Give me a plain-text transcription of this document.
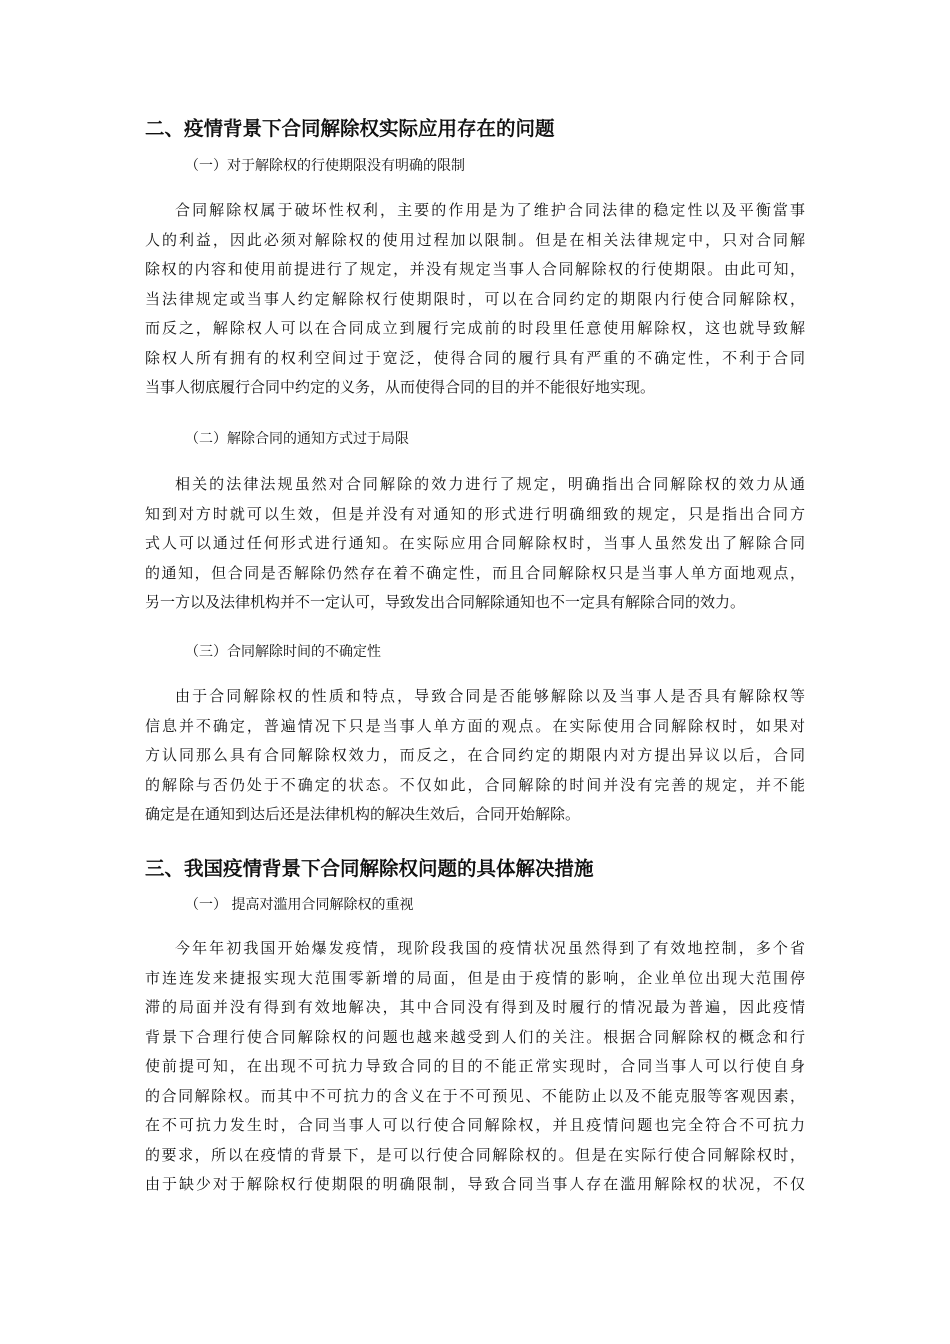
二、疫情背景下合同解除权实际应用存在的问题
（一）对于解除权的行使期限没有明确的限制
合同解除权属于破坏性权利，主要的作用是为了维护合同法律的稳定性以及平衡當事
人的利益，因此必须对解除权的使用过程加以限制。但是在相关法律规定中，只对合同解
除权的内容和使用前提进行了规定，并没有规定当事人合同解除权的行使期限。由此可知，
当法律规定或当事人约定解除权行使期限时，可以在合同约定的期限内行使合同解除权，
而反之，解除权人可以在合同成立到履行完成前的时段里任意使用解除权，这也就导致解
除权人所有拥有的权利空间过于宽泛，使得合同的履行具有严重的不确定性，不利于合同
当事人彻底履行合同中约定的义务，从而使得合同的目的并不能很好地实现。
（二）解除合同的通知方式过于局限
相关的法律法规虽然对合同解除的效力进行了规定，明确指出合同解除权的效力从通
知到对方时就可以生效，但是并没有对通知的形式进行明确细致的规定，只是指出合同方
式人可以通过任何形式进行通知。在实际应用合同解除权时，当事人虽然发出了解除合同
的通知，但合同是否解除仍然存在着不确定性，而且合同解除权只是当事人单方面地观点，
另一方以及法律机构并不一定认可，导致发出合同解除通知也不一定具有解除合同的效力。
（三）合同解除时间的不确定性
由于合同解除权的性质和特点，导致合同是否能够解除以及当事人是否具有解除权等
信息并不确定，普遍情况下只是当事人单方面的观点。在实际使用合同解除权时，如果对
方认同那么具有合同解除权效力，而反之，在合同约定的期限内对方提出异议以后，合同
的解除与否仍处于不确定的状态。不仅如此，合同解除的时间并没有完善的规定，并不能
确定是在通知到达后还是法律机构的解决生效后，合同开始解除。
三、我国疫情背景下合同解除权问题的具体解决措施
（一） 提高对滥用合同解除权的重视
今年年初我国开始爆发疫情，现阶段我国的疫情状况虽然得到了有效地控制，多个省
市连连发来捷报实现大范围零新增的局面，但是由于疫情的影响，企业单位出现大范围停
滞的局面并没有得到有效地解决，其中合同没有得到及时履行的情况最为普遍，因此疫情
背景下合理行使合同解除权的问题也越来越受到人们的关注。根据合同解除权的概念和行
使前提可知，在出现不可抗力导致合同的目的不能正常实现时，合同当事人可以行使自身
的合同解除权。而其中不可抗力的含义在于不可预见、不能防止以及不能克服等客观因素，
在不可抗力发生时，合同当事人可以行使合同解除权，并且疫情问题也完全符合不可抗力
的要求，所以在疫情的背景下，是可以行使合同解除权的。但是在实际行使合同解除权时，
由于缺少对于解除权行使期限的明确限制，导致合同当事人存在滥用解除权的状况，不仅
